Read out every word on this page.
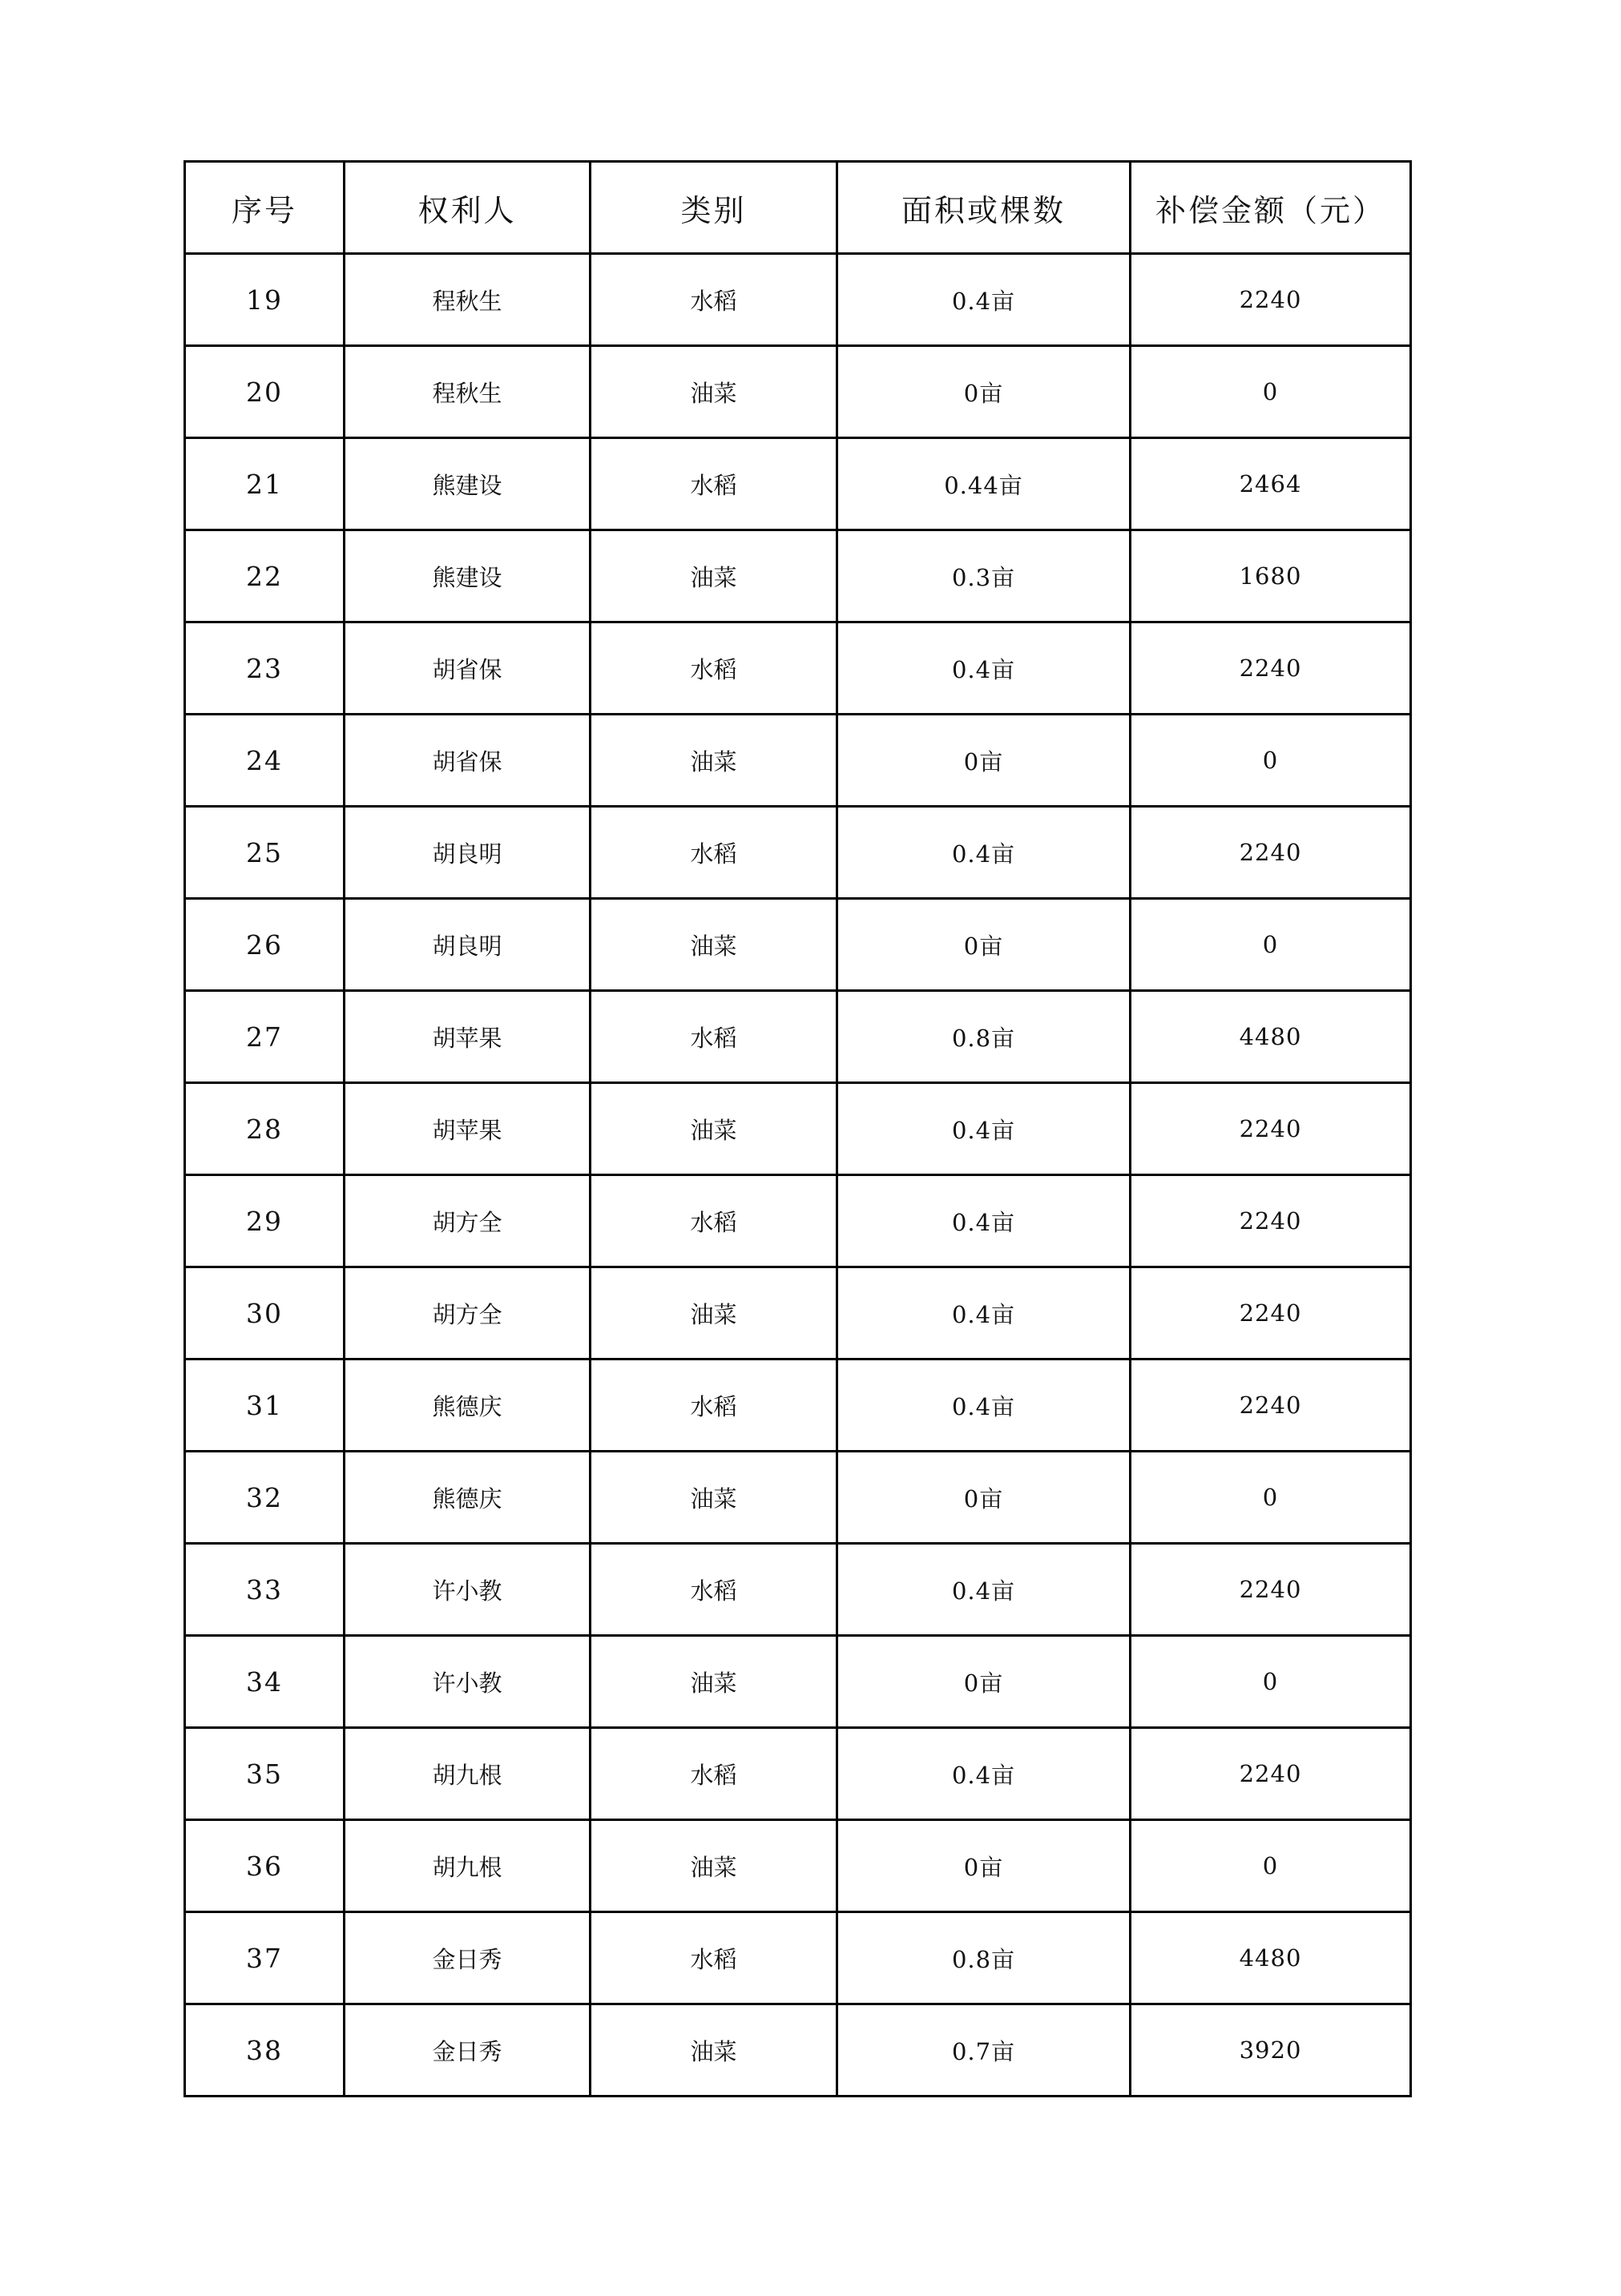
序号	权利人	类别	面积或棵数	补偿金额（元）
19	程秋生	水稻	0.4亩	2240
20	程秋生	油菜	0亩	0
21	熊建设	水稻	0.44亩	2464
22	熊建设	油菜	0.3亩	1680
23	胡省保	水稻	0.4亩	2240
24	胡省保	油菜	0亩	0
25	胡良明	水稻	0.4亩	2240
26	胡良明	油菜	0亩	0
27	胡苹果	水稻	0.8亩	4480
28	胡苹果	油菜	0.4亩	2240
29	胡方全	水稻	0.4亩	2240
30	胡方全	油菜	0.4亩	2240
31	熊德庆	水稻	0.4亩	2240
32	熊德庆	油菜	0亩	0
33	许小教	水稻	0.4亩	2240
34	许小教	油菜	0亩	0
35	胡九根	水稻	0.4亩	2240
36	胡九根	油菜	0亩	0
37	金日秀	水稻	0.8亩	4480
38	金日秀	油菜	0.7亩	3920
